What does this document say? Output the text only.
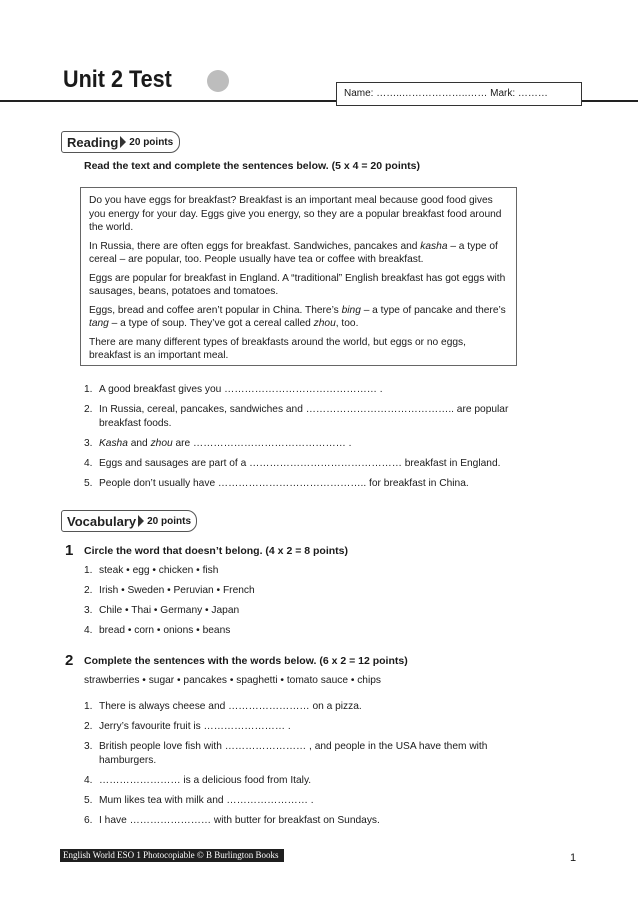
Unit 2 Test
Name: ……..………………..…… Mark: ………
Reading 20 points
Read the text and complete the sentences below. (5 x 4 = 20 points)

Do you have eggs for breakfast? Breakfast is an important meal because good food gives you energy for your day. Eggs give you energy, so they are a popular breakfast food around the world.

In Russia, there are often eggs for breakfast. Sandwiches, pancakes and kasha – a type of cereal – are popular, too. People usually have tea or coffee with breakfast.

Eggs are popular for breakfast in England. A “traditional” English breakfast has got eggs with sausages, beans, potatoes and tomatoes.

Eggs, bread and coffee aren’t popular in China. There’s bing – a type of pancake and there’s tang – a type of soup. They’ve got a cereal called zhou, too.

There are many different types of breakfasts around the world, but eggs or no eggs, breakfast is an important meal.

1. A good breakfast gives you ……………………………………… .
2. In Russia, cereal, pancakes, sandwiches and …………………………………….. are popular
breakfast foods.
3. Kasha and zhou are ……………………………………… .
4. Eggs and sausages are part of a ……………………………………… breakfast in England.
5. People don’t usually have …………………………………….. for breakfast in China.
Vocabulary 20 points
1 Circle the word that doesn’t belong. (4 x 2 = 8 points)
1. steak • egg • chicken • fish
2. Irish • Sweden • Peruvian • French
3. Chile • Thai • Germany • Japan
4. bread • corn • onions • beans
2 Complete the sentences with the words below. (6 x 2 = 12 points)
strawberries • sugar • pancakes • spaghetti • tomato sauce • chips
1. There is always cheese and …………………… on a pizza.
2. Jerry’s favourite fruit is …………………… .
3. British people love fish with …………………… , and people in the USA have them with
hamburgers.
4. …………………… is a delicious food from Italy.
5. Mum likes tea with milk and …………………… .
6. I have …………………… with butter for breakfast on Sundays.
English World ESO 1 Photocopiable © B Burlington Books	1
